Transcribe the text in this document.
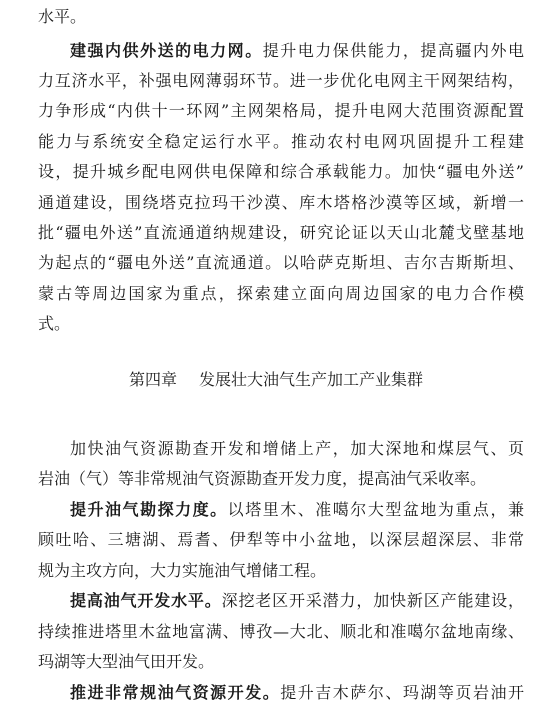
水平。
建强内供外送的电力网。提升电力保供能力，提高疆内外电
力互济水平，补强电网薄弱环节。进一步优化电网主干网架结构，
力争形成“内供十一环网”主网架格局，提升电网大范围资源配置
能力与系统安全稳定运行水平。推动农村电网巩固提升工程建
设，提升城乡配电网供电保障和综合承载能力。加快“疆电外送”
通道建设，围绕塔克拉玛干沙漠、库木塔格沙漠等区域，新增一
批“疆电外送”直流通道纳规建设，研究论证以天山北麓戈壁基地
为起点的“疆电外送”直流通道。以哈萨克斯坦、吉尔吉斯斯坦、
蒙古等周边国家为重点，探索建立面向周边国家的电力合作模
式。
第四章 发展壮大油气生产加工产业集群
加快油气资源勘查开发和增储上产，加大深地和煤层气、页
岩油（气）等非常规油气资源勘查开发力度，提高油气采收率。
提升油气勘探力度。以塔里木、准噶尔大型盆地为重点，兼
顾吐哈、三塘湖、焉耆、伊犁等中小盆地，以深层超深层、非常
规为主攻方向，大力实施油气增储工程。
提高油气开发水平。深挖老区开采潜力，加快新区产能建设，
持续推进塔里木盆地富满、博孜—大北、顺北和准噶尔盆地南缘、
玛湖等大型油气田开发。
推进非常规油气资源开发。提升吉木萨尔、玛湖等页岩油开
